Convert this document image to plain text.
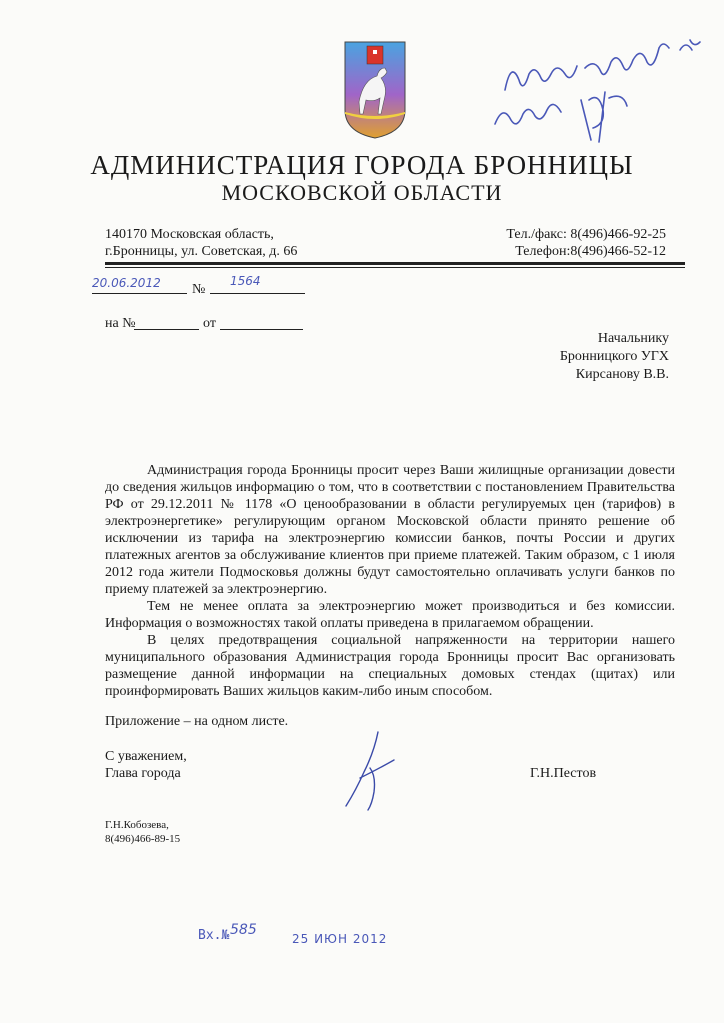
АДМИНИСТРАЦИЯ ГОРОДА БРОННИЦЫ
МОСКОВСКОЙ ОБЛАСТИ
140170 Московская область,
г.Бронницы, ул. Советская, д. 66
Тел./факс: 8(496)466-92-25
Телефон:8(496)466-52-12
20.06.2012 №
1564
на №	от
Начальнику
Бронницкого УГХ
Кирсанову В.В.

Администрация города Бронницы просит через Ваши жилищные организации довести до сведения жильцов информацию о том, что в соответствии с постановлением Правительства РФ от 29.12.2011 № 1178 «О ценообразовании в области регулируемых цен (тарифов) в электроэнергетике» регулирующим органом Московской области принято решение об исключении из тарифа на электроэнергию комиссии банков, почты России и других платежных агентов за обслуживание клиентов при приеме платежей. Таким образом, с 1 июля 2012 года жители Подмосковья должны будут самостоятельно оплачивать услуги банков по приему платежей за электроэнергию.

Тем не менее оплата за электроэнергию может производиться и без комиссии. Информация о возможностях такой оплаты приведена в прилагаемом обращении.

В целях предотвращения социальной напряженности на территории нашего муниципального образования Администрация города Бронницы просит Вас организовать размещение данной информации на специальных домовых стендах (щитах) или проинформировать Ваших жильцов каким-либо иным способом.

Приложение – на одном листе.
С уважением,
Глава города	Г.Н.Пестов
Г.Н.Кобозева,
8(496)466-89-15
Вх.№ 585
25 ИЮН 2012
